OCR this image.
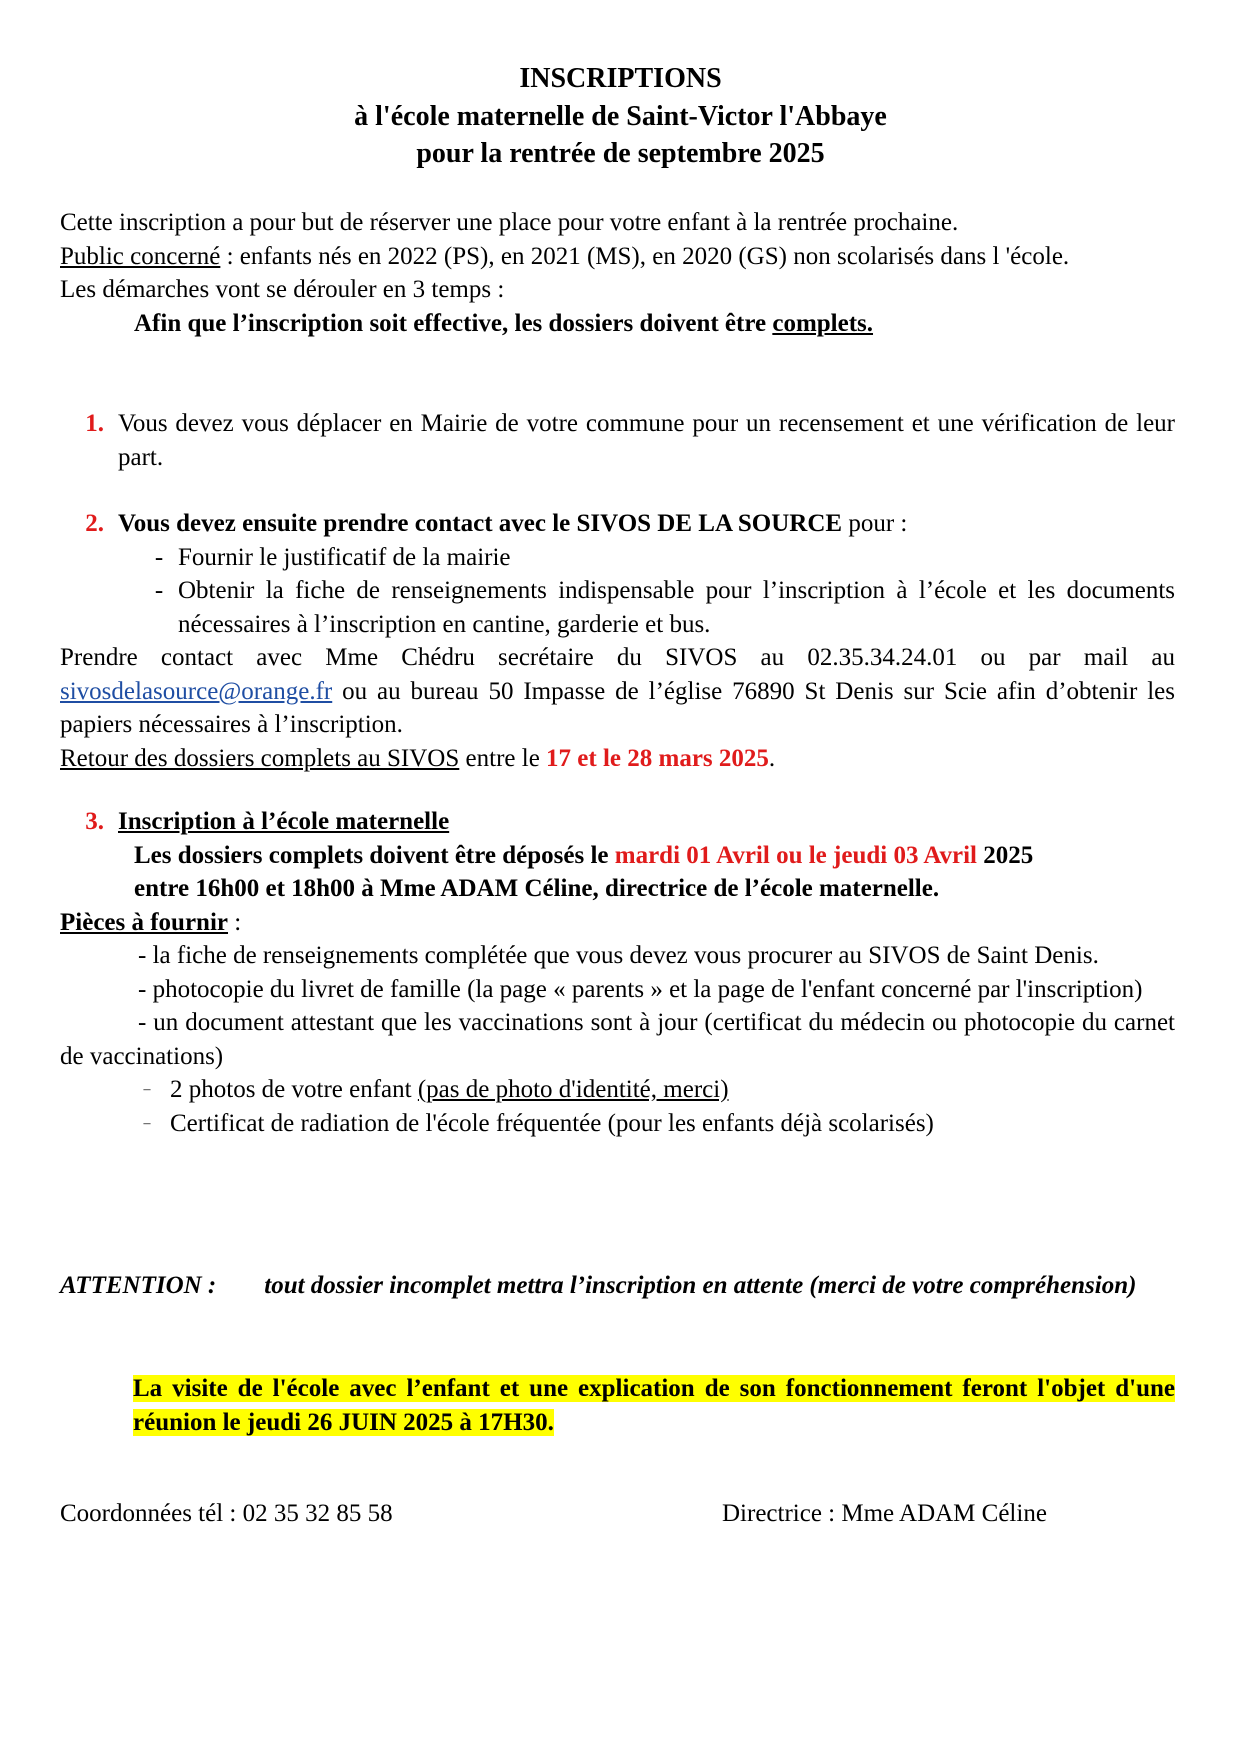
INSCRIPTIONS
à l'école maternelle de Saint-Victor l'Abbaye
pour la rentrée de septembre 2025
Cette inscription a pour but de réserver une place pour votre enfant à la rentrée prochaine.
Public concerné : enfants nés en 2022 (PS), en 2021 (MS), en 2020 (GS) non scolarisés dans l 'école.
Les démarches vont se dérouler en 3 temps :
Afin que l’inscription soit effective, les dossiers doivent être complets.
1. Vous devez vous déplacer en Mairie de votre commune pour un recensement et une vérification de leur part.
2. Vous devez ensuite prendre contact avec le SIVOS DE LA SOURCE pour :
- Fournir le justificatif de la mairie
- Obtenir la fiche de renseignements indispensable pour l’inscription à l’école et les documents nécessaires à l’inscription en cantine, garderie et bus.
Prendre contact avec Mme Chédru secrétaire du SIVOS au 02.35.34.24.01 ou par mail au sivosdelasource@orange.fr ou au bureau 50 Impasse de l’église 76890 St Denis sur Scie afin d’obtenir les papiers nécessaires à l’inscription.
Retour des dossiers complets au SIVOS entre le 17 et le 28 mars 2025.
3. Inscription à l’école maternelle
Les dossiers complets doivent être déposés le mardi 01 Avril ou le jeudi 03 Avril 2025
entre 16h00 et 18h00 à Mme ADAM Céline, directrice de l’école maternelle.
Pièces à fournir :
- la fiche de renseignements complétée que vous devez vous procurer au SIVOS de Saint Denis.
- photocopie du livret de famille (la page « parents » et la page de l'enfant concerné par l'inscription)
- un document attestant que les vaccinations sont à jour (certificat du médecin ou photocopie du carnet de vaccinations)
– 2 photos de votre enfant (pas de photo d'identité, merci)
– Certificat de radiation de l'école fréquentée (pour les enfants déjà scolarisés)
ATTENTION : tout dossier incomplet mettra l’inscription en attente (merci de votre compréhension)
La visite de l'école avec l’enfant et une explication de son fonctionnement feront l'objet d'une réunion le jeudi 26 JUIN 2025 à 17H30.
Coordonnées tél : 02 35 32 85 58	Directrice : Mme ADAM Céline
